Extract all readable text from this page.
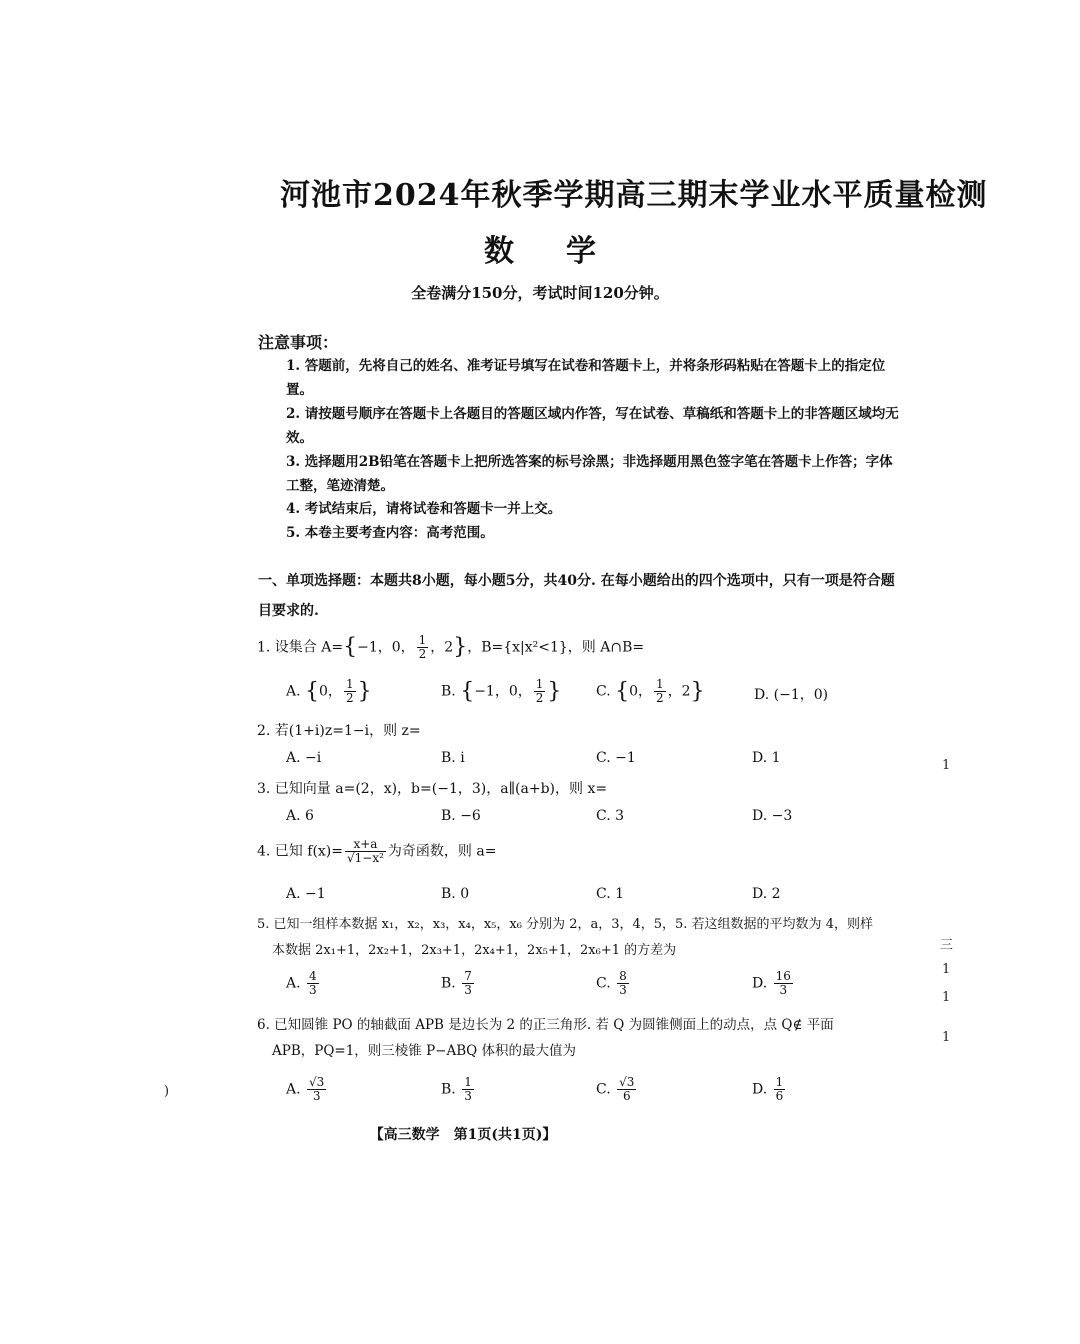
河池市2024年秋季学期高三期末学业水平质量检测
数 学
全卷满分150分，考试时间120分钟。
注意事项：
1. 答题前，先将自己的姓名、准考证号填写在试卷和答题卡上，并将条形码粘贴在答题卡上的指定位置。
2. 请按题号顺序在答题卡上各题目的答题区域内作答，写在试卷、草稿纸和答题卡上的非答题区域均无效。
3. 选择题用2B铅笔在答题卡上把所选答案的标号涂黑；非选择题用黑色签字笔在答题卡上作答；字体工整，笔迹清楚。
4. 考试结束后，请将试卷和答题卡一并上交。
5. 本卷主要考查内容：高考范围。
一、单项选择题：本题共8小题，每小题5分，共40分. 在每小题给出的四个选项中，只有一项是符合题目要求的.
1. 设集合 A={−1，0， $\frac{1}{2}$ ，2}，B={x|x²<1}，则 A∩B=
A. {0， $\frac{1}{2}$ }	B. {−1，0， $\frac{1}{2}$ } C. {0， $\frac{1}{2}$ ，2}	D. (−1，0)
2. 若(1+i)z=1−i，则 z=
A. −i	B. i	C. −1	D. 1
3. 已知向量 a=(2，x)，b=(−1，3)，a∥(a+b)，则 x=
A. 6	B. −6	C. 3	D. −3
4. 已知 $f(x)= \frac{x+a}{\text{√1−x²}}$ 为奇函数，则 a=
A. −1	B. 0	C. 1	D. 2
5. 已知一组样本数据 x₁，x₂，x₃，x₄，x₅，x₆ 分别为 2，a，3，4，5，5. 若这组数据的平均数为 4，则样
本数据 2x₁+1，2x₂+1，2x₃+1，2x₄+1，2x₅+1，2x₆+1 的方差为
A. $\frac{4}{3}$	B. $\frac{7}{3}$	C. $\frac{8}{3}$	D. $\frac{16}{3}$
6. 已知圆锥 PO 的轴截面 APB 是边长为 2 的正三角形. 若 Q 为圆锥侧面上的动点，点 Q∉ 平面
APB，PQ=1，则三棱锥 P−ABQ 体积的最大值为
A. $\frac{√3}{3}$	B. $\frac{1}{3}$	C. $\frac{√3}{6}$	D. $\frac{1}{6}$
【高三数学　第1页(共1页)】
1
三
1
1
1
)
